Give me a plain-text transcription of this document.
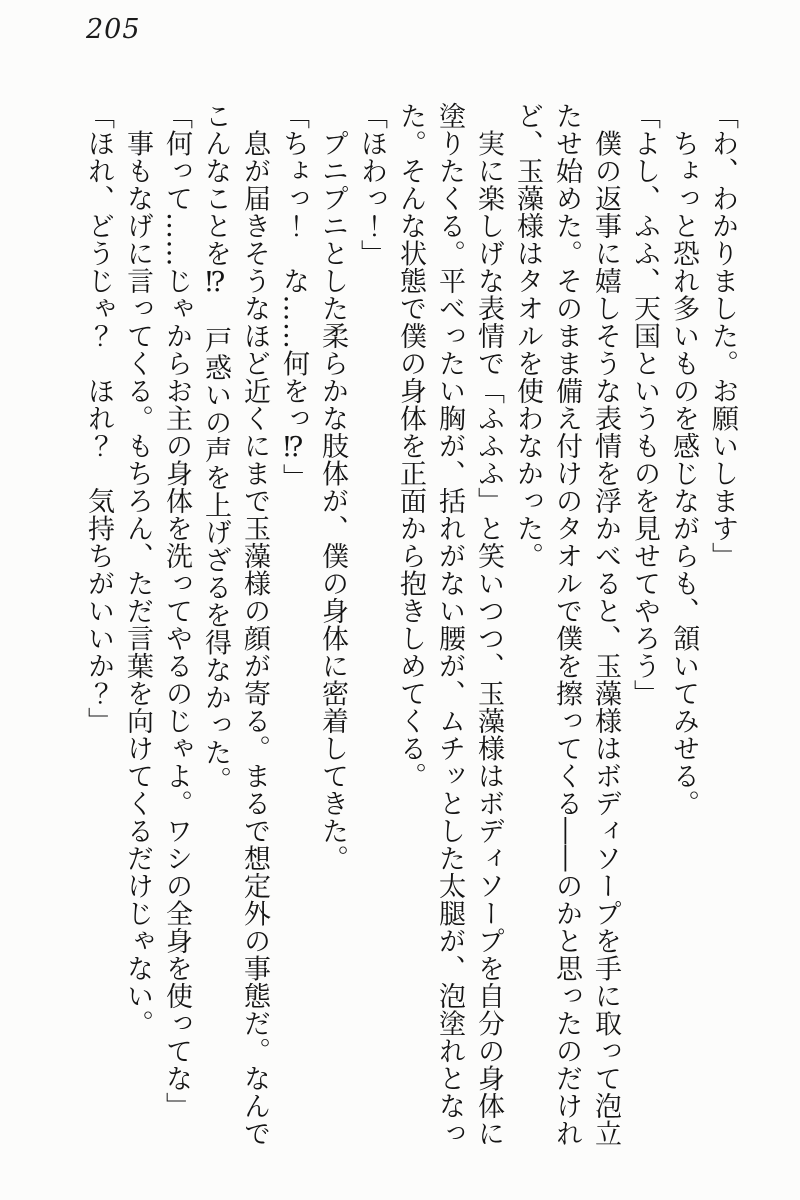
205

「わ、わかりました。お願いします」

　ちょっと恐れ多いものを感じながらも、頷いてみせる。

「よし、ふふ、天国というものを見せてやろう」

　僕の返事に嬉しそうな表情を浮かべると、玉藻様はボディソープを手に取って泡立

たせ始めた。そのまま備え付けのタオルで僕を擦ってくる――のかと思ったのだけれ

ど、玉藻様はタオルを使わなかった。

　実に楽しげな表情で「ふふふ」と笑いつつ、玉藻様はボディソープを自分の身体に

塗りたくる。平べったい胸が、括れがない腰が、ムチッとした太腿が、泡塗れとなっ

た。そんな状態で僕の身体を正面から抱きしめてくる。

「ほわっ！」

　プニプニとした柔らかな肢体が、僕の身体に密着してきた。

「ちょっ！　な……何をっ⁉」

　息が届きそうなほど近くにまで玉藻様の顔が寄る。まるで想定外の事態だ。なんで

こんなことを⁉　戸惑いの声を上げざるを得なかった。

「何って……じゃからお主の身体を洗ってやるのじゃよ。ワシの全身を使ってな」

　事もなげに言ってくる。もちろん、ただ言葉を向けてくるだけじゃない。

「ほれ、どうじゃ？　ほれ？　気持ちがいいか？」
